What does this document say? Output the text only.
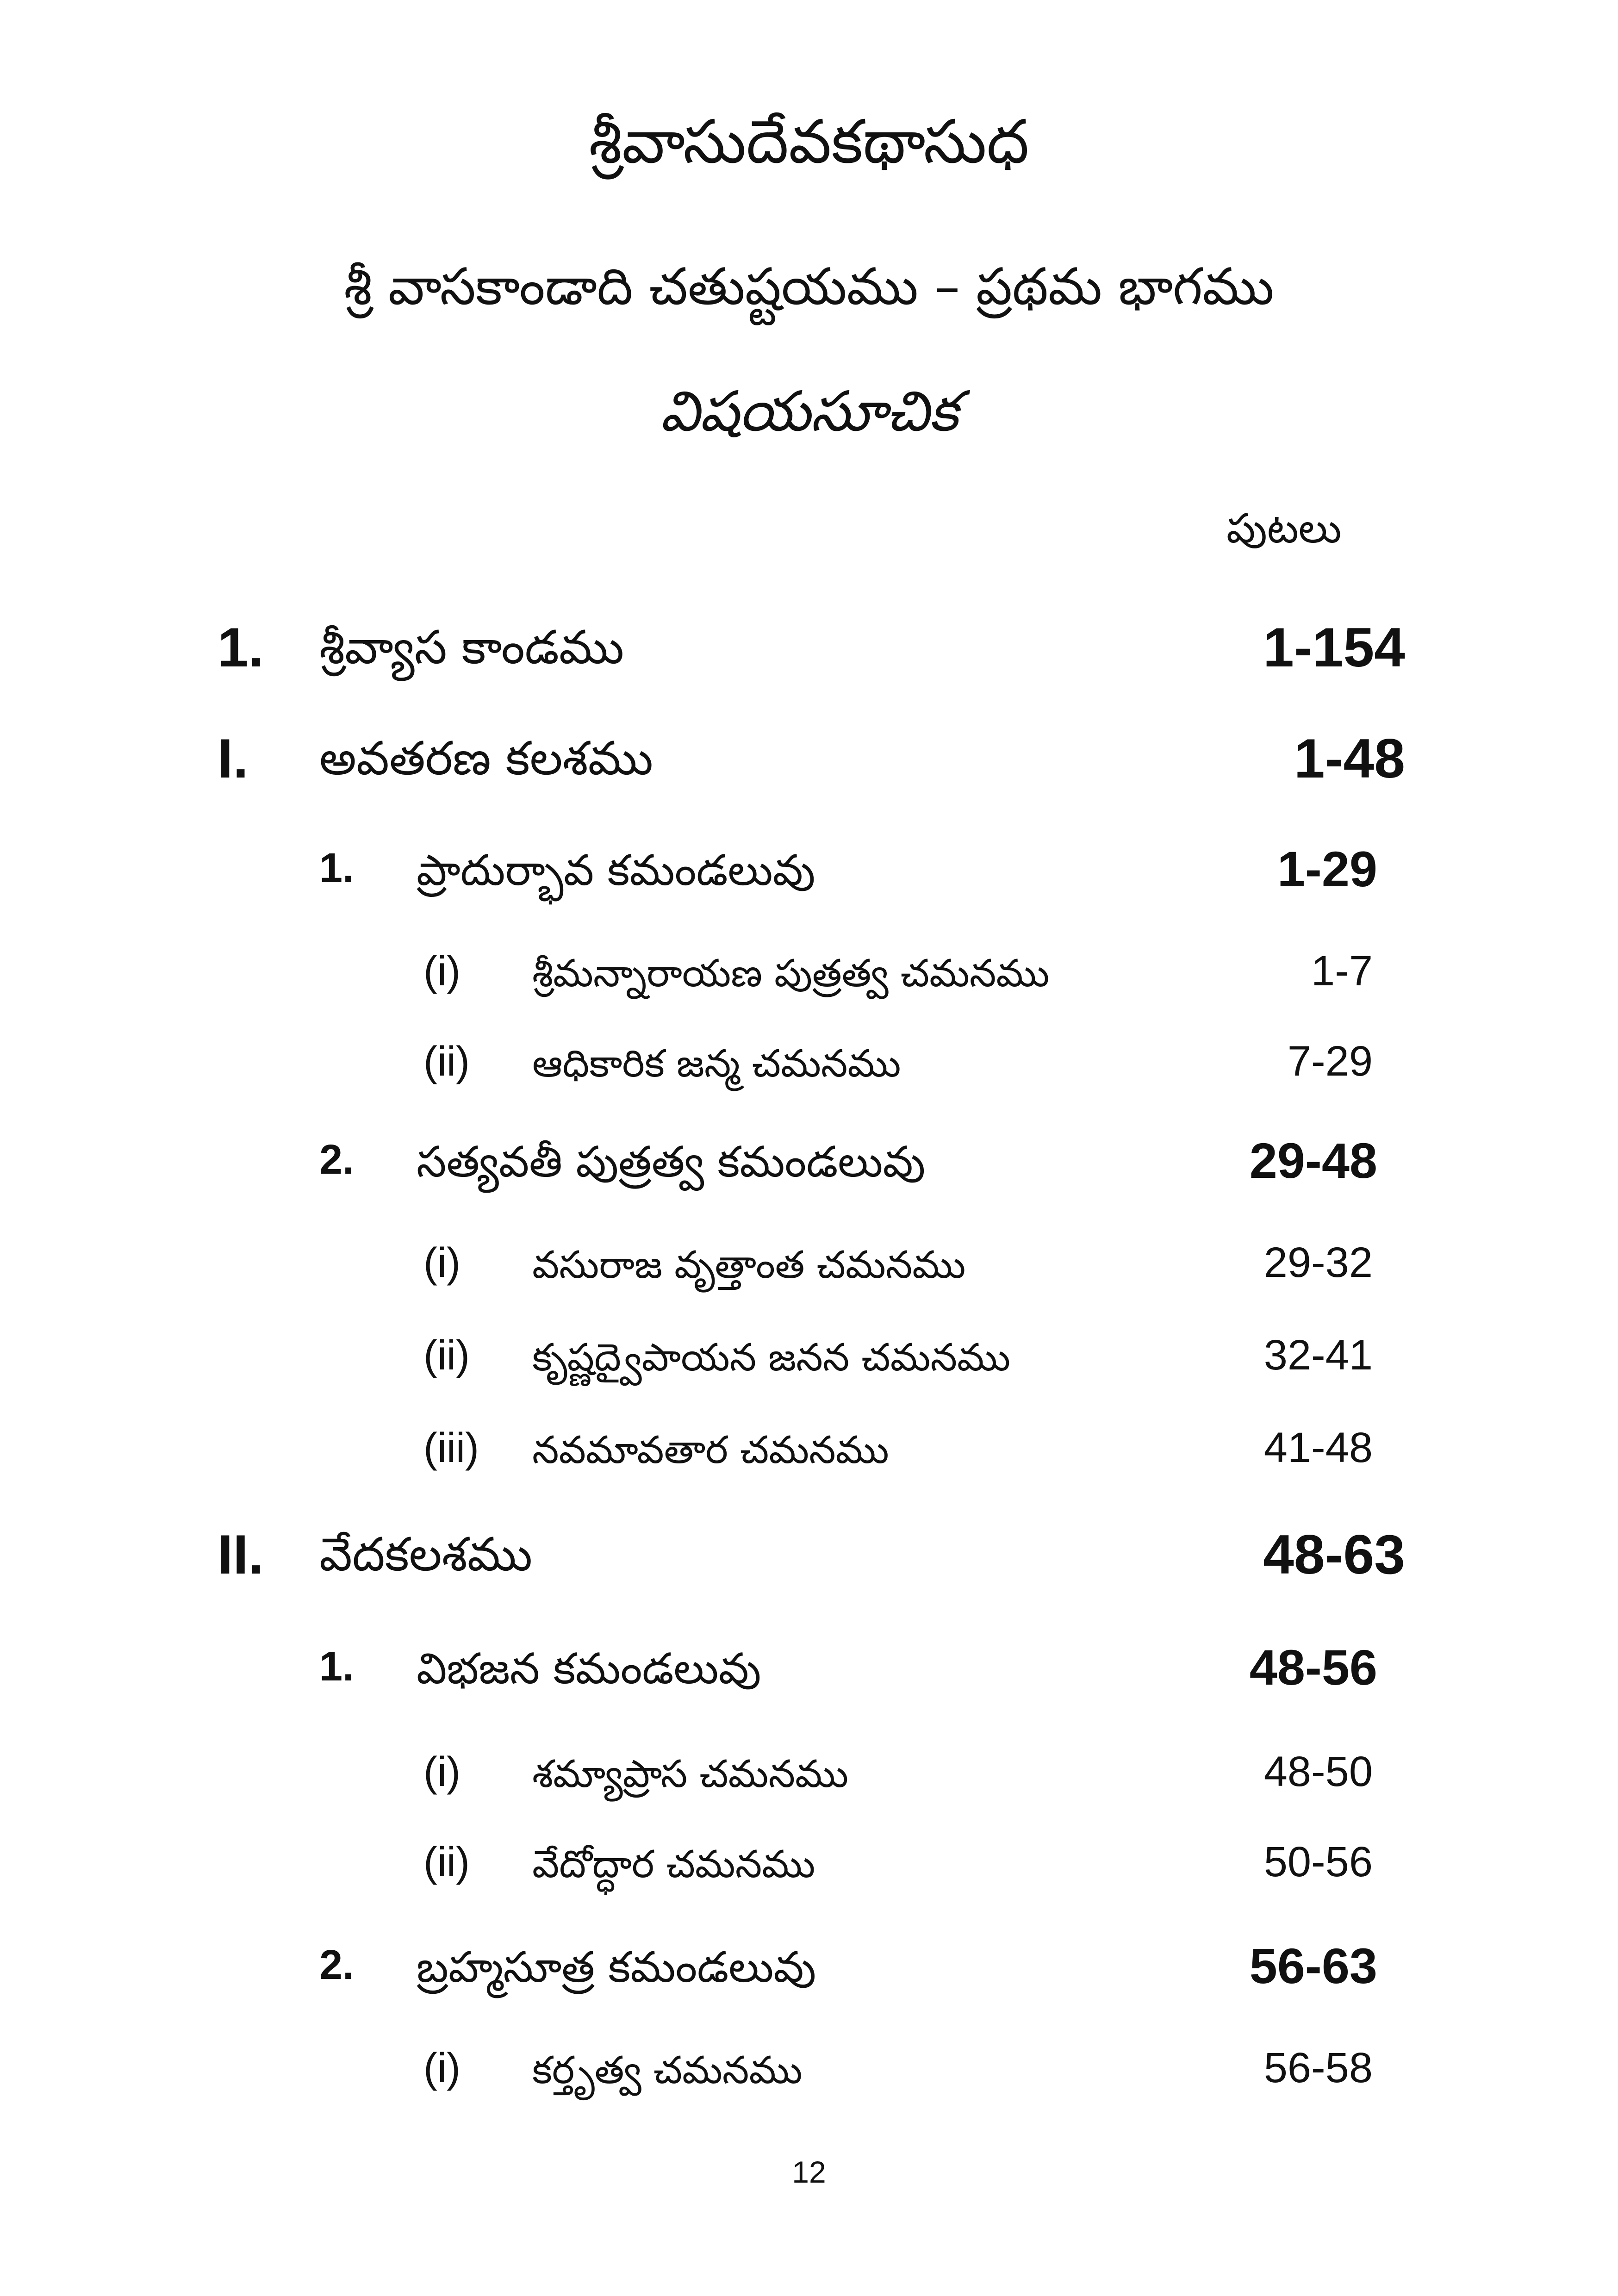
శ్రీవాసుదేవకథాసుధ
శ్రీ వాసకాండాది చతుష్టయము – ప్రథమ భాగము
విషయసూచిక
పుటలు
1. శ్రీవ్యాస కాండము	1-154
I. అవతరణ కలశము	1-48
1. ప్రాదుర్భావ కమండలువు	1-29
(i) శ్రీమన్నారాయణ పుత్రత్వ చమనము	1-7
(ii) ఆధికారిక జన్మ చమనము	7-29
2. సత్యవతీ పుత్రత్వ కమండలువు	29-48
(i) వసురాజ వృత్తాంత చమనము	29-32
(ii) కృష్ణద్వైపాయన జనన చమనము	32-41
(iii) నవమావతార చమనము	41-48
II. వేదకలశము	48-63
1. విభజన కమండలువు	48-56
(i) శమ్యాప్రాస చమనము	48-50
(ii) వేదోద్ధార చమనము	50-56
2. బ్రహ్మసూత్ర కమండలువు	56-63
(i) కర్తృత్వ చమనము	56-58
12
